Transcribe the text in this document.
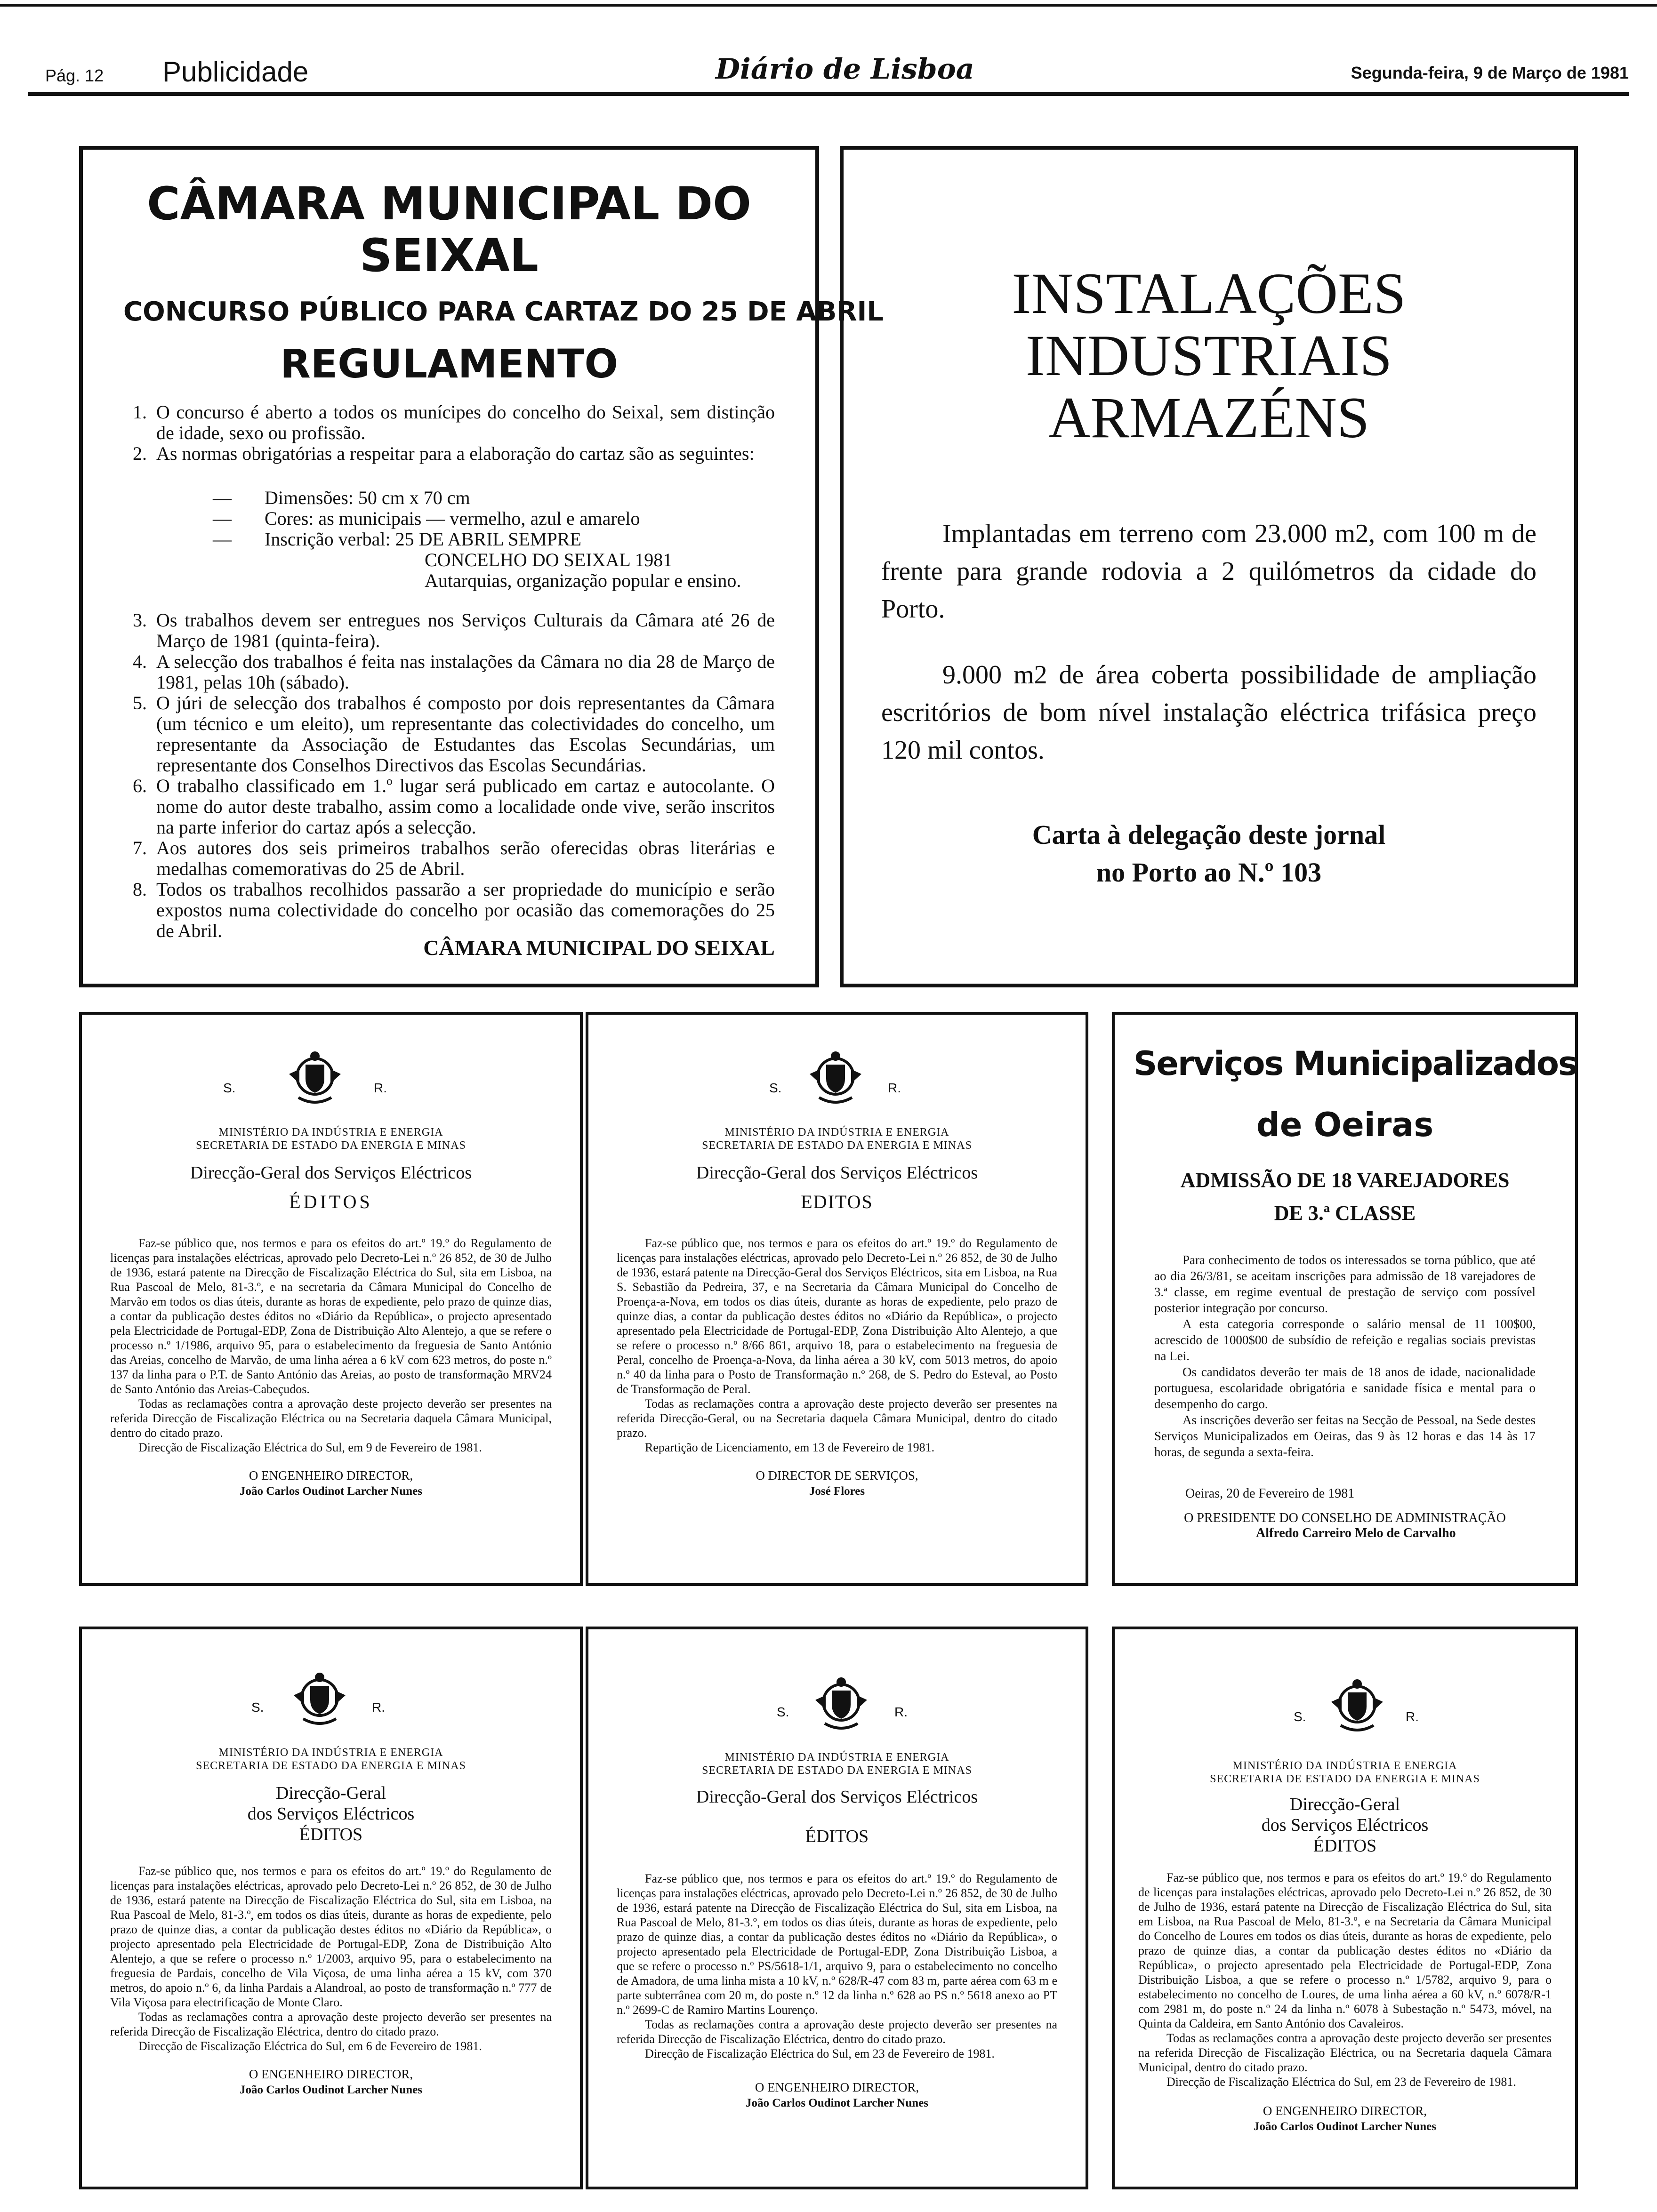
Pág. 12 Publicidade	Diário de Lisboa	Segunda-feira, 9 de Março de 1981
CÂMARA MUNICIPAL DO SEIXAL
CONCURSO PÚBLICO PARA CARTAZ DO 25 DE ABRIL
REGULAMENTO
1. O concurso é aberto a todos os munícipes do concelho do Seixal, sem distinção de idade, sexo ou profissão.
2. As normas obrigatórias a respeitar para a elaboração do cartaz são as seguintes:
— Dimensões: 50 cm x 70 cm
— Cores: as municipais — vermelho, azul e amarelo
— Inscrição verbal: 25 DE ABRIL SEMPRE
CONCELHO DO SEIXAL 1981
Autarquias, organização popular e ensino.
3. Os trabalhos devem ser entregues nos Serviços Culturais da Câmara até 26 de Março de 1981 (quinta-feira).
4. A selecção dos trabalhos é feita nas instalações da Câmara no dia 28 de Março de 1981, pelas 10h (sábado).
5. O júri de selecção dos trabalhos é composto por dois representantes da Câmara (um técnico e um eleito), um representante das colectividades do concelho, um representante da Associação de Estudantes das Escolas Secundárias, um representante dos Conselhos Directivos das Escolas Secundárias.
6. O trabalho classificado em 1.º lugar será publicado em cartaz e autocolante. O nome do autor deste trabalho, assim como a localidade onde vive, serão inscritos na parte inferior do cartaz após a selecção.
7. Aos autores dos seis primeiros trabalhos serão oferecidas obras literárias e medalhas comemorativas do 25 de Abril.
8. Todos os trabalhos recolhidos passarão a ser propriedade do município e serão expostos numa colectividade do concelho por ocasião das comemorações do 25 de Abril.
CÂMARA MUNICIPAL DO SEIXAL
INSTALAÇÕES
INDUSTRIAIS
ARMAZÉNS
Implantadas em terreno com 23.000 m2, com 100 m de frente para grande rodovia a 2 quilómetros da cidade do Porto.
9.000 m2 de área coberta possibilidade de ampliação escritórios de bom nível instalação eléctrica trifásica preço 120 mil contos.
Carta à delegação deste jornal
no Porto ao N.º 103
S.	R.
MINISTÉRIO DA INDÚSTRIA E ENERGIA
SECRETARIA DE ESTADO DA ENERGIA E MINAS
Direcção-Geral dos Serviços Eléctricos
ÉDITOS

Faz-se público que, nos termos e para os efeitos do art.º 19.º do Regulamento de licenças para instalações eléctricas, aprovado pelo Decreto-Lei n.º 26 852, de 30 de Julho de 1936, estará patente na Direcção de Fiscalização Eléctrica do Sul, sita em Lisboa, na Rua Pascoal de Melo, 81-3.º, e na secretaria da Câmara Municipal do Concelho de Marvão em todos os dias úteis, durante as horas de expediente, pelo prazo de quinze dias, a contar da publicação destes éditos no «Diário da República», o projecto apresentado pela Electricidade de Portugal-EDP, Zona de Distribuição Alto Alentejo, a que se refere o processo n.º 1/1986, arquivo 95, para o estabelecimento da freguesia de Santo António das Areias, concelho de Marvão, de uma linha aérea a 6 kV com 623 metros, do poste n.º 137 da linha para o P.T. de Santo António das Areias, ao posto de transformação MRV24 de Santo António das Areias-Cabeçudos.

Todas as reclamações contra a aprovação deste projecto deverão ser presentes na referida Direcção de Fiscalização Eléctrica ou na Secretaria daquela Câmara Municipal, dentro do citado prazo.

Direcção de Fiscalização Eléctrica do Sul, em 9 de Fevereiro de 1981.

O ENGENHEIRO DIRECTOR,
João Carlos Oudinot Larcher Nunes
S.	R.
MINISTÉRIO DA INDÚSTRIA E ENERGIA
SECRETARIA DE ESTADO DA ENERGIA E MINAS
Direcção-Geral dos Serviços Eléctricos
EDITOS

Faz-se público que, nos termos e para os efeitos do art.º 19.º do Regulamento de licenças para instalações eléctricas, aprovado pelo Decreto-Lei n.º 26 852, de 30 de Julho de 1936, estará patente na Direcção-Geral dos Serviços Eléctricos, sita em Lisboa, na Rua S. Sebastião da Pedreira, 37, e na Secretaria da Câmara Municipal do Concelho de Proença-a-Nova, em todos os dias úteis, durante as horas de expediente, pelo prazo de quinze dias, a contar da publicação destes éditos no «Diário da República», o projecto apresentado pela Electricidade de Portugal-EDP, Zona Distribuição Alto Alentejo, a que se refere o processo n.º 8/66 861, arquivo 18, para o estabelecimento na freguesia de Peral, concelho de Proença-a-Nova, da linha aérea a 30 kV, com 5013 metros, do apoio n.º 40 da linha para o Posto de Transformação n.º 268, de S. Pedro do Esteval, ao Posto de Transformação de Peral.

Todas as reclamações contra a aprovação deste projecto deverão ser presentes na referida Direcção-Geral, ou na Secretaria daquela Câmara Municipal, dentro do citado prazo.

Repartição de Licenciamento, em 13 de Fevereiro de 1981.

O DIRECTOR DE SERVIÇOS,
José Flores
Serviços Municipalizados
de Oeiras
ADMISSÃO DE 18 VAREJADORES
DE 3.ª CLASSE

Para conhecimento de todos os interessados se torna público, que até ao dia 26/3/81, se aceitam inscrições para admissão de 18 varejadores de 3.ª classe, em regime eventual de prestação de serviço com possível posterior integração por concurso.

A esta categoria corresponde o salário mensal de 11 100$00, acrescido de 1000$00 de subsídio de refeição e regalias sociais previstas na Lei.

Os candidatos deverão ter mais de 18 anos de idade, nacionalidade portuguesa, escolaridade obrigatória e sanidade física e mental para o desempenho do cargo.

As inscrições deverão ser feitas na Secção de Pessoal, na Sede destes Serviços Municipalizados em Oeiras, das 9 às 12 horas e das 14 às 17 horas, de segunda a sexta-feira.

Oeiras, 20 de Fevereiro de 1981
O PRESIDENTE DO CONSELHO DE ADMINISTRAÇÃO
Alfredo Carreiro Melo de Carvalho
S.	R.
MINISTÉRIO DA INDÚSTRIA E ENERGIA
SECRETARIA DE ESTADO DA ENERGIA E MINAS
Direcção-Geral
dos Serviços Eléctricos
ÉDITOS

Faz-se público que, nos termos e para os efeitos do art.º 19.º do Regulamento de licenças para instalações eléctricas, aprovado pelo Decreto-Lei n.º 26 852, de 30 de Julho de 1936, estará patente na Direcção de Fiscalização Eléctrica do Sul, sita em Lisboa, na Rua Pascoal de Melo, 81-3.º, em todos os dias úteis, durante as horas de expediente, pelo prazo de quinze dias, a contar da publicação destes éditos no «Diário da República», o projecto apresentado pela Electricidade de Portugal-EDP, Zona de Distribuição Alto Alentejo, a que se refere o processo n.º 1/2003, arquivo 95, para o estabelecimento na freguesia de Pardais, concelho de Vila Viçosa, de uma linha aérea a 15 kV, com 370 metros, do apoio n.º 6, da linha Pardais a Alandroal, ao posto de transformação n.º 777 de Vila Viçosa para electrificação de Monte Claro.

Todas as reclamações contra a aprovação deste projecto deverão ser presentes na referida Direcção de Fiscalização Eléctrica, dentro do citado prazo.

Direcção de Fiscalização Eléctrica do Sul, em 6 de Fevereiro de 1981.

O ENGENHEIRO DIRECTOR,
João Carlos Oudinot Larcher Nunes
S.	R.
MINISTÉRIO DA INDÚSTRIA E ENERGIA
SECRETARIA DE ESTADO DA ENERGIA E MINAS
Direcção-Geral dos Serviços Eléctricos
ÉDITOS

Faz-se público que, nos termos e para os efeitos do art.º 19.º do Regulamento de licenças para instalações eléctricas, aprovado pelo Decreto-Lei n.º 26 852, de 30 de Julho de 1936, estará patente na Direcção de Fiscalização Eléctrica do Sul, sita em Lisboa, na Rua Pascoal de Melo, 81-3.º, em todos os dias úteis, durante as horas de expediente, pelo prazo de quinze dias, a contar da publicação destes éditos no «Diário da República», o projecto apresentado pela Electricidade de Portugal-EDP, Zona Distribuição Lisboa, a que se refere o processo n.º PS/5618-1/1, arquivo 9, para o estabelecimento no concelho de Amadora, de uma linha mista a 10 kV, n.º 628/R-47 com 83 m, parte aérea com 63 m e parte subterrânea com 20 m, do poste n.º 12 da linha n.º 628 ao PS n.º 5618 anexo ao PT n.º 2699-C de Ramiro Martins Lourenço.

Todas as reclamações contra a aprovação deste projecto deverão ser presentes na referida Direcção de Fiscalização Eléctrica, dentro do citado prazo.

Direcção de Fiscalização Eléctrica do Sul, em 23 de Fevereiro de 1981.

O ENGENHEIRO DIRECTOR,
João Carlos Oudinot Larcher Nunes
S.	R.
MINISTÉRIO DA INDÚSTRIA E ENERGIA
SECRETARIA DE ESTADO DA ENERGIA E MINAS
Direcção-Geral
dos Serviços Eléctricos
ÉDITOS

Faz-se público que, nos termos e para os efeitos do art.º 19.º do Regulamento de licenças para instalações eléctricas, aprovado pelo Decreto-Lei n.º 26 852, de 30 de Julho de 1936, estará patente na Direcção de Fiscalização Eléctrica do Sul, sita em Lisboa, na Rua Pascoal de Melo, 81-3.º, e na Secretaria da Câmara Municipal do Concelho de Loures em todos os dias úteis, durante as horas de expediente, pelo prazo de quinze dias, a contar da publicação destes éditos no «Diário da República», o projecto apresentado pela Electricidade de Portugal-EDP, Zona Distribuição Lisboa, a que se refere o processo n.º 1/5782, arquivo 9, para o estabelecimento no concelho de Loures, de uma linha aérea a 60 kV, n.º 6078/R-1 com 2981 m, do poste n.º 24 da linha n.º 6078 à Subestação n.º 5473, móvel, na Quinta da Caldeira, em Santo António dos Cavaleiros.

Todas as reclamações contra a aprovação deste projecto deverão ser presentes na referida Direcção de Fiscalização Eléctrica, ou na Secretaria daquela Câmara Municipal, dentro do citado prazo.

Direcção de Fiscalização Eléctrica do Sul, em 23 de Fevereiro de 1981.

O ENGENHEIRO DIRECTOR,
João Carlos Oudinot Larcher Nunes
